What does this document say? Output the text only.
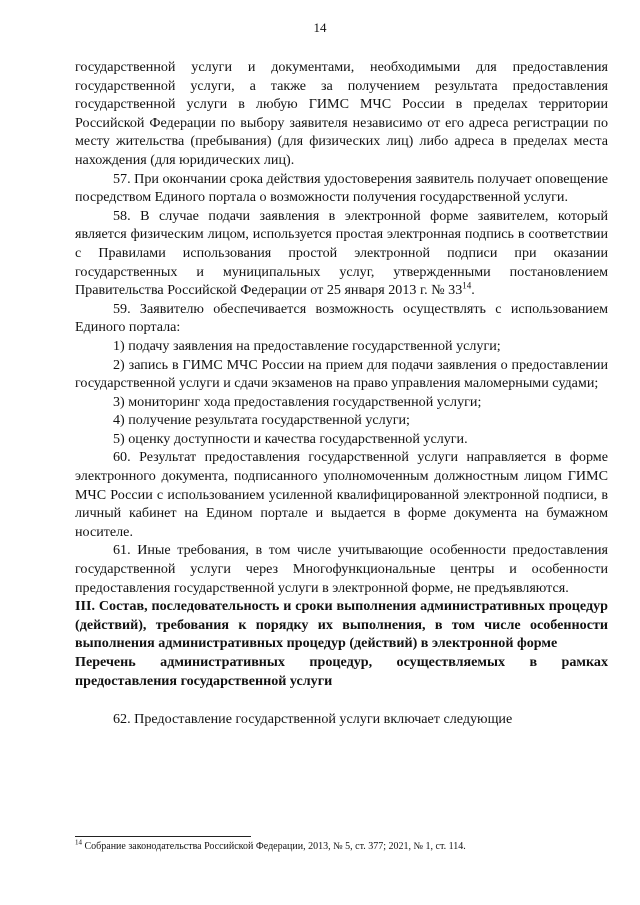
14

государственной услуги и документами, необходимыми для предоставления государственной услуги, а также за получением результата предоставления государственной услуги в любую ГИМС МЧС России в пределах территории Российской Федерации по выбору заявителя независимо от его адреса регистрации по месту жительства (пребывания) (для физических лиц) либо адреса в пределах места нахождения (для юридических лиц).

57. При окончании срока действия удостоверения заявитель получает оповещение посредством Единого портала о возможности получения государственной услуги.

58. В случае подачи заявления в электронной форме заявителем, который является физическим лицом, используется простая электронная подпись в соответствии с Правилами использования простой электронной подписи при оказании государственных и муниципальных услуг, утвержденными постановлением Правительства Российской Федерации от 25 января 2013 г. № $33^{14}$.

59. Заявителю обеспечивается возможность осуществлять с использованием Единого портала:

1) подачу заявления на предоставление государственной услуги;

2) запись в ГИМС МЧС России на прием для подачи заявления о предоставлении государственной услуги и сдачи экзаменов на право управления маломерными судами;

3) мониторинг хода предоставления государственной услуги;

4) получение результата государственной услуги;

5) оценку доступности и качества государственной услуги.

60. Результат предоставления государственной услуги направляется в форме электронного документа, подписанного уполномоченным должностным лицом ГИМС МЧС России с использованием усиленной квалифицированной электронной подписи, в личный кабинет на Едином портале и выдается в форме документа на бумажном носителе.

61. Иные требования, в том числе учитывающие особенности предоставления государственной услуги через Многофункциональные центры и особенности предоставления государственной услуги в электронной форме, не предъявляются.

III. Состав, последовательность и сроки выполнения административных процедур (действий), требования к порядку их выполнения, в том числе особенности выполнения административных процедур (действий) в электронной форме

Перечень административных процедур, осуществляемых в рамках предоставления государственной услуги

62. Предоставление государственной услуги включает следующие

$^{14}$ Собрание законодательства Российской Федерации, 2013, № 5, ст. 377; 2021, № 1, ст. 114.
